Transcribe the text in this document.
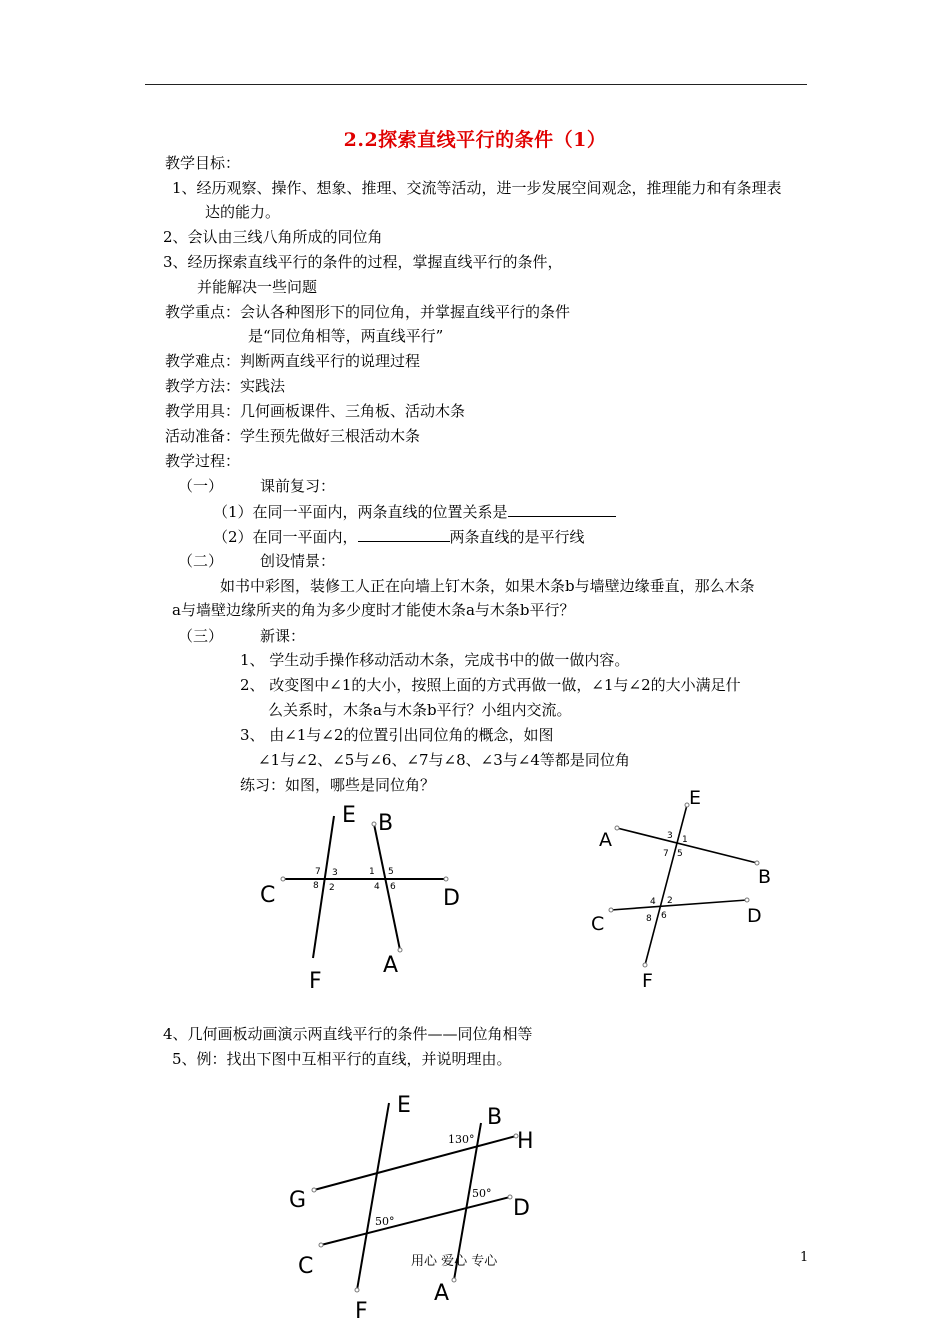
2.2探索直线平行的条件（1）
教学目标：
1、经历观察、操作、想象、推理、交流等活动，进一步发展空间观念，推理能力和有条理表
达的能力。
2、会认由三线八角所成的同位角
3、经历探索直线平行的条件的过程，掌握直线平行的条件，
并能解决一些问题
教学重点：会认各种图形下的同位角，并掌握直线平行的条件
是“同位角相等，两直线平行”
教学难点：判断两直线平行的说理过程
教学方法：实践法
教学用具：几何画板课件、三角板、活动木条
活动准备：学生预先做好三根活动木条
教学过程：
（一） 课前复习：
（1）在同一平面内，两条直线的位置关系是
（2）在同一平面内，	两条直线的是平行线
（二） 创设情景：
如书中彩图，装修工人正在向墙上钉木条，如果木条b与墙壁边缘垂直，那么木条
a与墙壁边缘所夹的角为多少度时才能使木条a与木条b平行？
（三） 新课：
1、 学生动手操作移动活动木条，完成书中的做一做内容。
2、 改变图中∠1的大小，按照上面的方式再做一做，∠1与∠2的大小满足什
么关系时，木条a与木条b平行？小组内交流。
3、 由∠1与∠2的位置引出同位角的概念，如图
∠1与∠2、∠5与∠6、∠7与∠8、∠3与∠4等都是同位角
练习：如图，哪些是同位角？
E B
C	D
F
A
7 3
8 2
1 5
4 6
E
A
B
C	D
F
3 1
7 5
4 2
8 6
4、几何画板动画演示两直线平行的条件——同位角相等
5、例：找出下图中互相平行的直线，并说明理由。
E	B
H
G	D
C
A
F
130°
50°
50°
用心 爱心 专心	1
